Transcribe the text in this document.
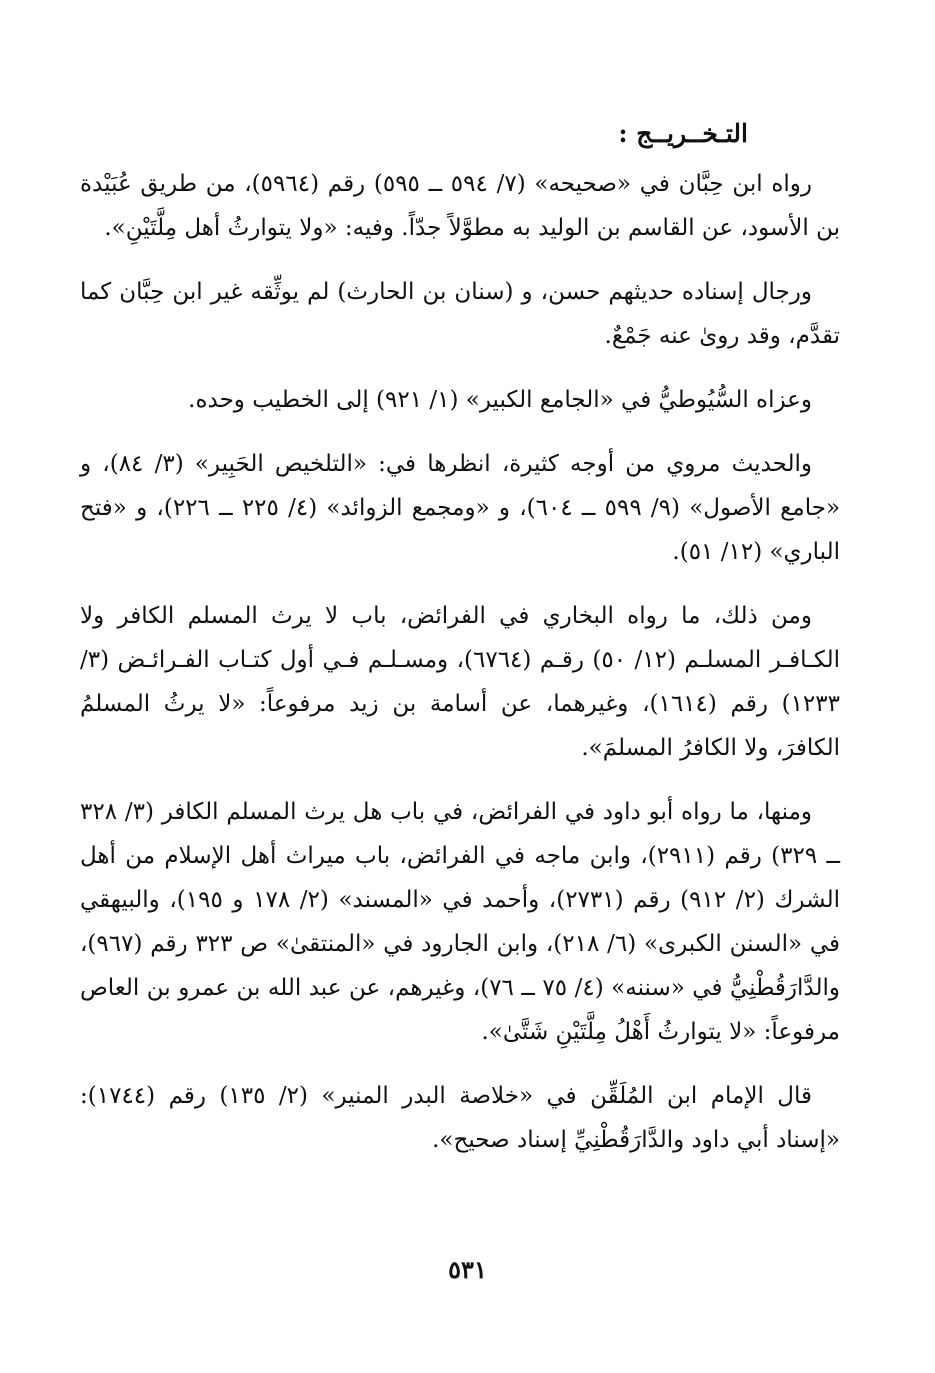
التـخــريــج :

رواه ابن حِبَّان في «صحيحه» (٧/ ٥٩٤ ــ ٥٩٥) رقم (٥٩٦٤)، من طريق عُبَيْدة بن الأسود، عن القاسم بن الوليد به مطوَّلاً جدّاً. وفيه: «ولا يتوارثُ أهل مِلَّتَيْنِ».

ورجال إسناده حديثهم حسن، و (سنان بن الحارث) لم يوثِّقه غير ابن حِبَّان كما تقدَّم، وقد روىٰ عنه جَمْعٌ.

وعزاه السُّيُوطيُّ في «الجامع الكبير» (١/ ٩٢١) إلى الخطيب وحده.

والحديث مروي من أوجه كثيرة، انظرها في: «التلخيص الحَبِير» (٣/ ٨٤)، و «جامع الأصول» (٩/ ٥٩٩ ــ ٦٠٤)، و «ومجمع الزوائد» (٤/ ٢٢٥ ــ ٢٢٦)، و «فتح الباري» (١٢/ ٥١).

ومن ذلك، ما رواه البخاري في الفرائض، باب لا يرث المسلم الكافر ولا الكـافـر المسلـم (١٢/ ٥٠) رقـم (٦٧٦٤)، ومسـلـم فـي أول كتـاب الفـرائـض (٣/ ١٢٣٣) رقم (١٦١٤)، وغيرهما، عن أسامة بن زيد مرفوعاً: «لا يرثُ المسلمُ الكافرَ، ولا الكافرُ المسلمَ».

ومنها، ما رواه أبو داود في الفرائض، في باب هل يرث المسلم الكافر (٣/ ٣٢٨ ــ ٣٢٩) رقم (٢٩١١)، وابن ماجه في الفرائض، باب ميراث أهل الإسلام من أهل الشرك (٢/ ٩١٢) رقم (٢٧٣١)، وأحمد في «المسند» (٢/ ١٧٨ و ١٩٥)، والبيهقي في «السنن الكبرى» (٦/ ٢١٨)، وابن الجارود في «المنتقىٰ» ص ٣٢٣ رقم (٩٦٧)، والدَّارَقُطْنِيُّ في «سننه» (٤/ ٧٥ ــ ٧٦)، وغيرهم، عن عبد الله بن عمرو بن العاص مرفوعاً: «لا يتوارثُ أَهْلُ مِلَّتَيْنِ شَتَّىٰ».

قال الإمام ابن المُلَقِّن في «خلاصة البدر المنير» (٢/ ١٣٥) رقم (١٧٤٤): «إسناد أبي داود والدَّارَقُطْنِيِّ إسناد صحيح».

٥٣١
